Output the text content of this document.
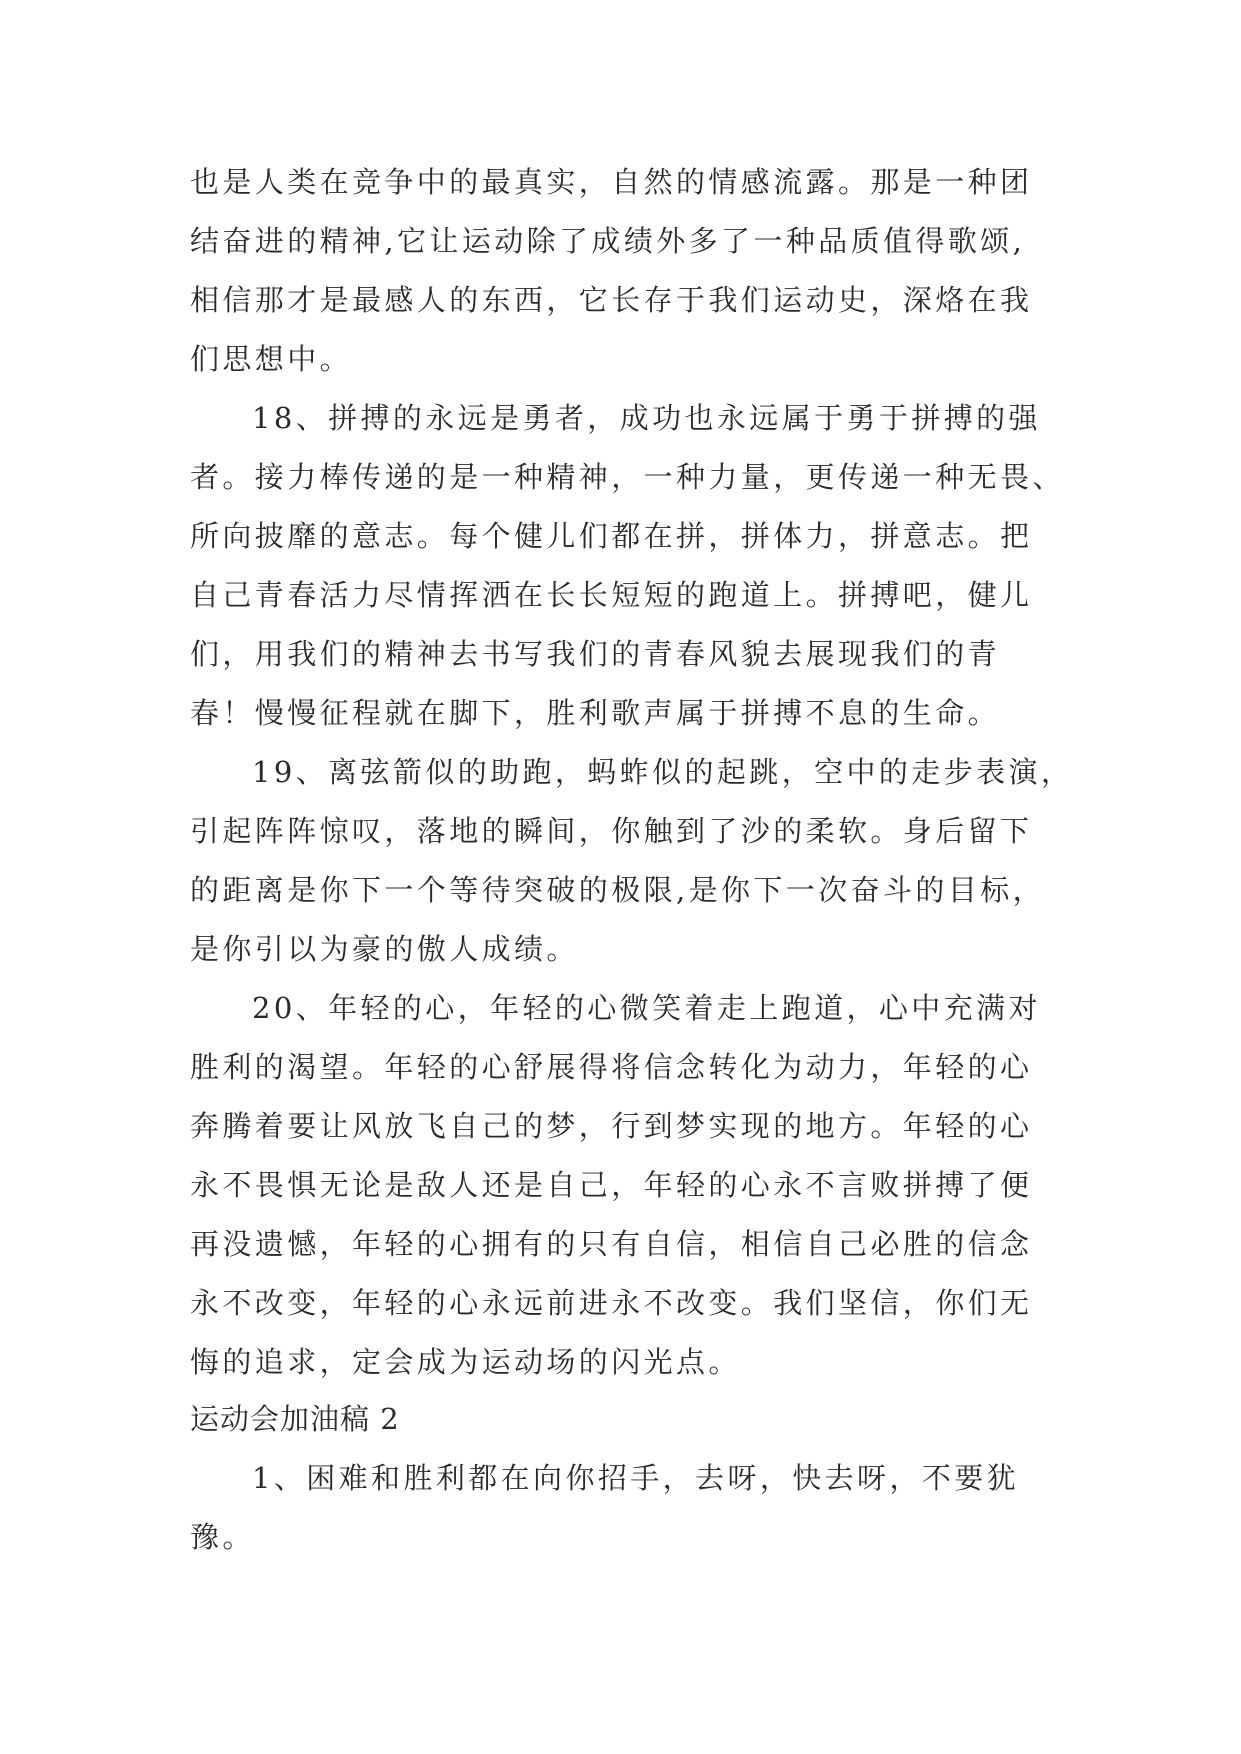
也是人类在竞争中的最真实，自然的情感流露。那是一种团
结奋进的精神,它让运动除了成绩外多了一种品质值得歌颂,
相信那才是最感人的东西，它长存于我们运动史，深烙在我
们思想中。
18、拼搏的永远是勇者，成功也永远属于勇于拼搏的强
者。接力棒传递的是一种精神，一种力量，更传递一种无畏、
所向披靡的意志。每个健儿们都在拼，拼体力，拼意志。把
自己青春活力尽情挥洒在长长短短的跑道上。拼搏吧，健儿
们，用我们的精神去书写我们的青春风貌去展现我们的青
春！慢慢征程就在脚下，胜利歌声属于拼搏不息的生命。
19、离弦箭似的助跑，蚂蚱似的起跳，空中的走步表演，
引起阵阵惊叹，落地的瞬间，你触到了沙的柔软。身后留下
的距离是你下一个等待突破的极限,是你下一次奋斗的目标，
是你引以为豪的傲人成绩。
20、年轻的心，年轻的心微笑着走上跑道，心中充满对
胜利的渴望。年轻的心舒展得将信念转化为动力，年轻的心
奔腾着要让风放飞自己的梦，行到梦实现的地方。年轻的心
永不畏惧无论是敌人还是自己，年轻的心永不言败拼搏了便
再没遗憾，年轻的心拥有的只有自信，相信自己必胜的信念
永不改变，年轻的心永远前进永不改变。我们坚信，你们无
悔的追求，定会成为运动场的闪光点。
运动会加油稿 2
1、困难和胜利都在向你招手，去呀，快去呀，不要犹
豫。
